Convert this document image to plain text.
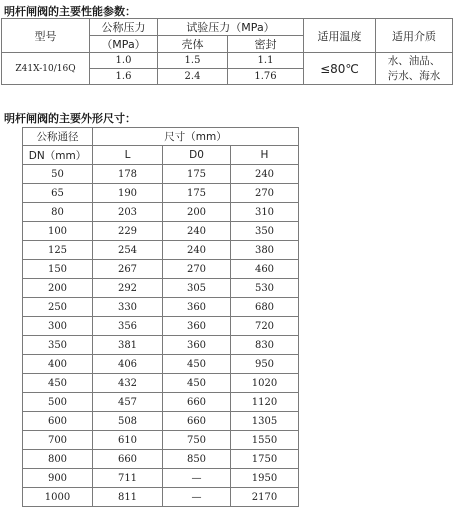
明杆闸阀的主要性能参数：
型号	公称压力	试验压力（MPa）		适用温度	适用介质
	（MPa）	壳体	密封		
Z41X-10/16Q	1.0	1.5	1.1	≤80℃	水、油品、
污水、海水

	1.6	2.4	1.76		
明杆闸阀的主要外形尺寸：
公称通径	尺寸（mm）		
DN（mm）	L	D0	H
50	178	175	240
65	190	175	270
80	203	200	310
100	229	240	350
125	254	240	380
150	267	270	460
200	292	305	530
250	330	360	680
300	356	360	720
350	381	360	830
400	406	450	950
450	432	450	1020
500	457	660	1120
600	508	660	1305
700	610	750	1550
800	660	850	1750
900	711	—	1950
1000	811	—	2170
